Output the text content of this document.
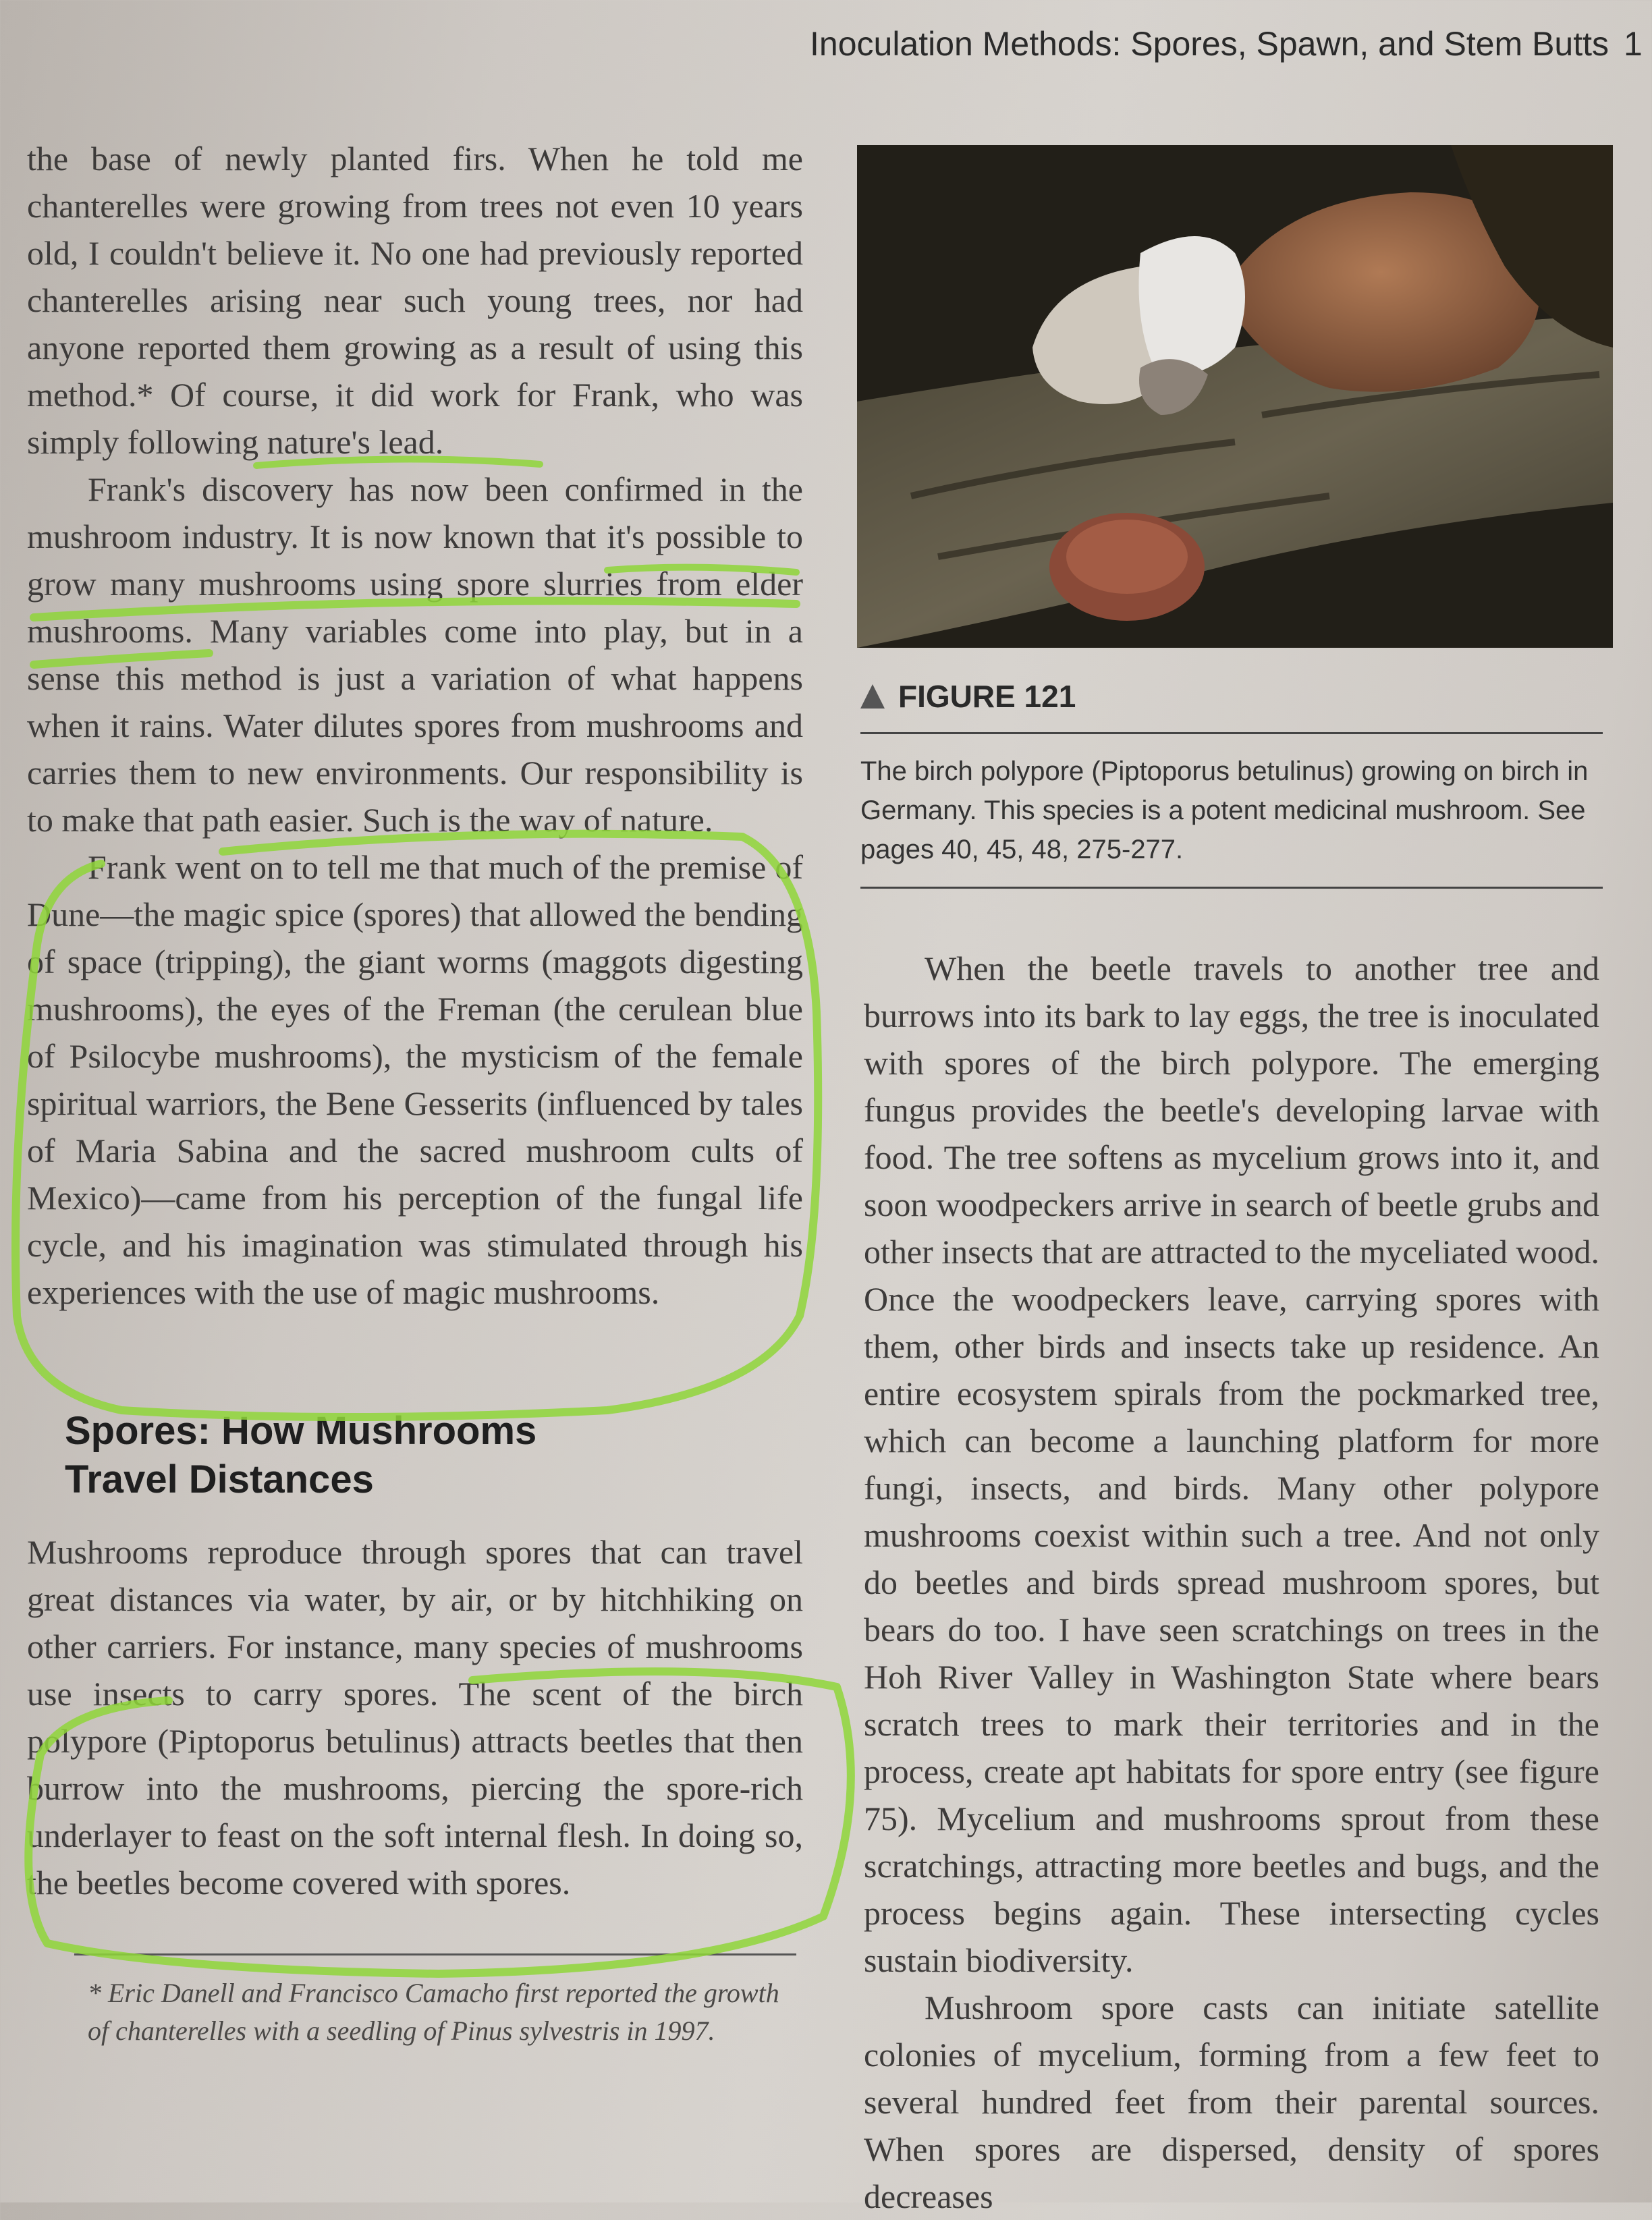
Inoculation Methods: Spores, Spawn, and Stem Butts 1

the base of newly planted firs. When he told me chanterelles were growing from trees not even 10 years old, I couldn't believe it. No one had previously reported chanterelles arising near such young trees, nor had anyone reported them growing as a result of using this method.* Of course, it did work for Frank, who was simply following nature's lead.

Frank's discovery has now been confirmed in the mushroom industry. It is now known that it's possible to grow many mushrooms using spore slurries from elder mushrooms. Many variables come into play, but in a sense this method is just a variation of what happens when it rains. Water dilutes spores from mushrooms and carries them to new environments. Our responsibility is to make that path easier. Such is the way of nature.

Frank went on to tell me that much of the premise of Dune—the magic spice (spores) that allowed the bending of space (tripping), the giant worms (maggots digesting mushrooms), the eyes of the Freman (the cerulean blue of Psilocybe mushrooms), the mysticism of the female spiritual warriors, the Bene Gesserits (influenced by tales of Maria Sabina and the sacred mushroom cults of Mexico)—came from his perception of the fungal life cycle, and his imagination was stimulated through his experiences with the use of magic mushrooms.

Spores: How Mushrooms
Travel Distances

Mushrooms reproduce through spores that can travel great distances via water, by air, or by hitchhiking on other carriers. For instance, many species of mushrooms use insects to carry spores. The scent of the birch polypore (Piptoporus betulinus) attracts beetles that then burrow into the mushrooms, piercing the spore-rich underlayer to feast on the soft internal flesh. In doing so, the beetles become covered with spores.

* Eric Danell and Francisco Camacho first reported the growth of chanterelles with a seedling of Pinus sylvestris in 1997.
FIGURE 121
The birch polypore (Piptoporus betulinus) growing on birch in Germany. This species is a potent medicinal mushroom. See pages 40, 45, 48, 275-277.

When the beetle travels to another tree and burrows into its bark to lay eggs, the tree is inoculated with spores of the birch polypore. The emerging fungus provides the beetle's developing larvae with food. The tree softens as mycelium grows into it, and soon woodpeckers arrive in search of beetle grubs and other insects that are attracted to the myceliated wood. Once the woodpeckers leave, carrying spores with them, other birds and insects take up residence. An entire ecosystem spirals from the pockmarked tree, which can become a launching platform for more fungi, insects, and birds. Many other polypore mushrooms coexist within such a tree. And not only do beetles and birds spread mushroom spores, but bears do too. I have seen scratchings on trees in the Hoh River Valley in Washington State where bears scratch trees to mark their territories and in the process, create apt habitats for spore entry (see figure 75). Mycelium and mushrooms sprout from these scratchings, attracting more beetles and bugs, and the process begins again. These intersecting cycles sustain biodiversity.

Mushroom spore casts can initiate satellite colonies of mycelium, forming from a few feet to several hundred feet from their parental sources. When spores are dispersed, density of spores decreases
